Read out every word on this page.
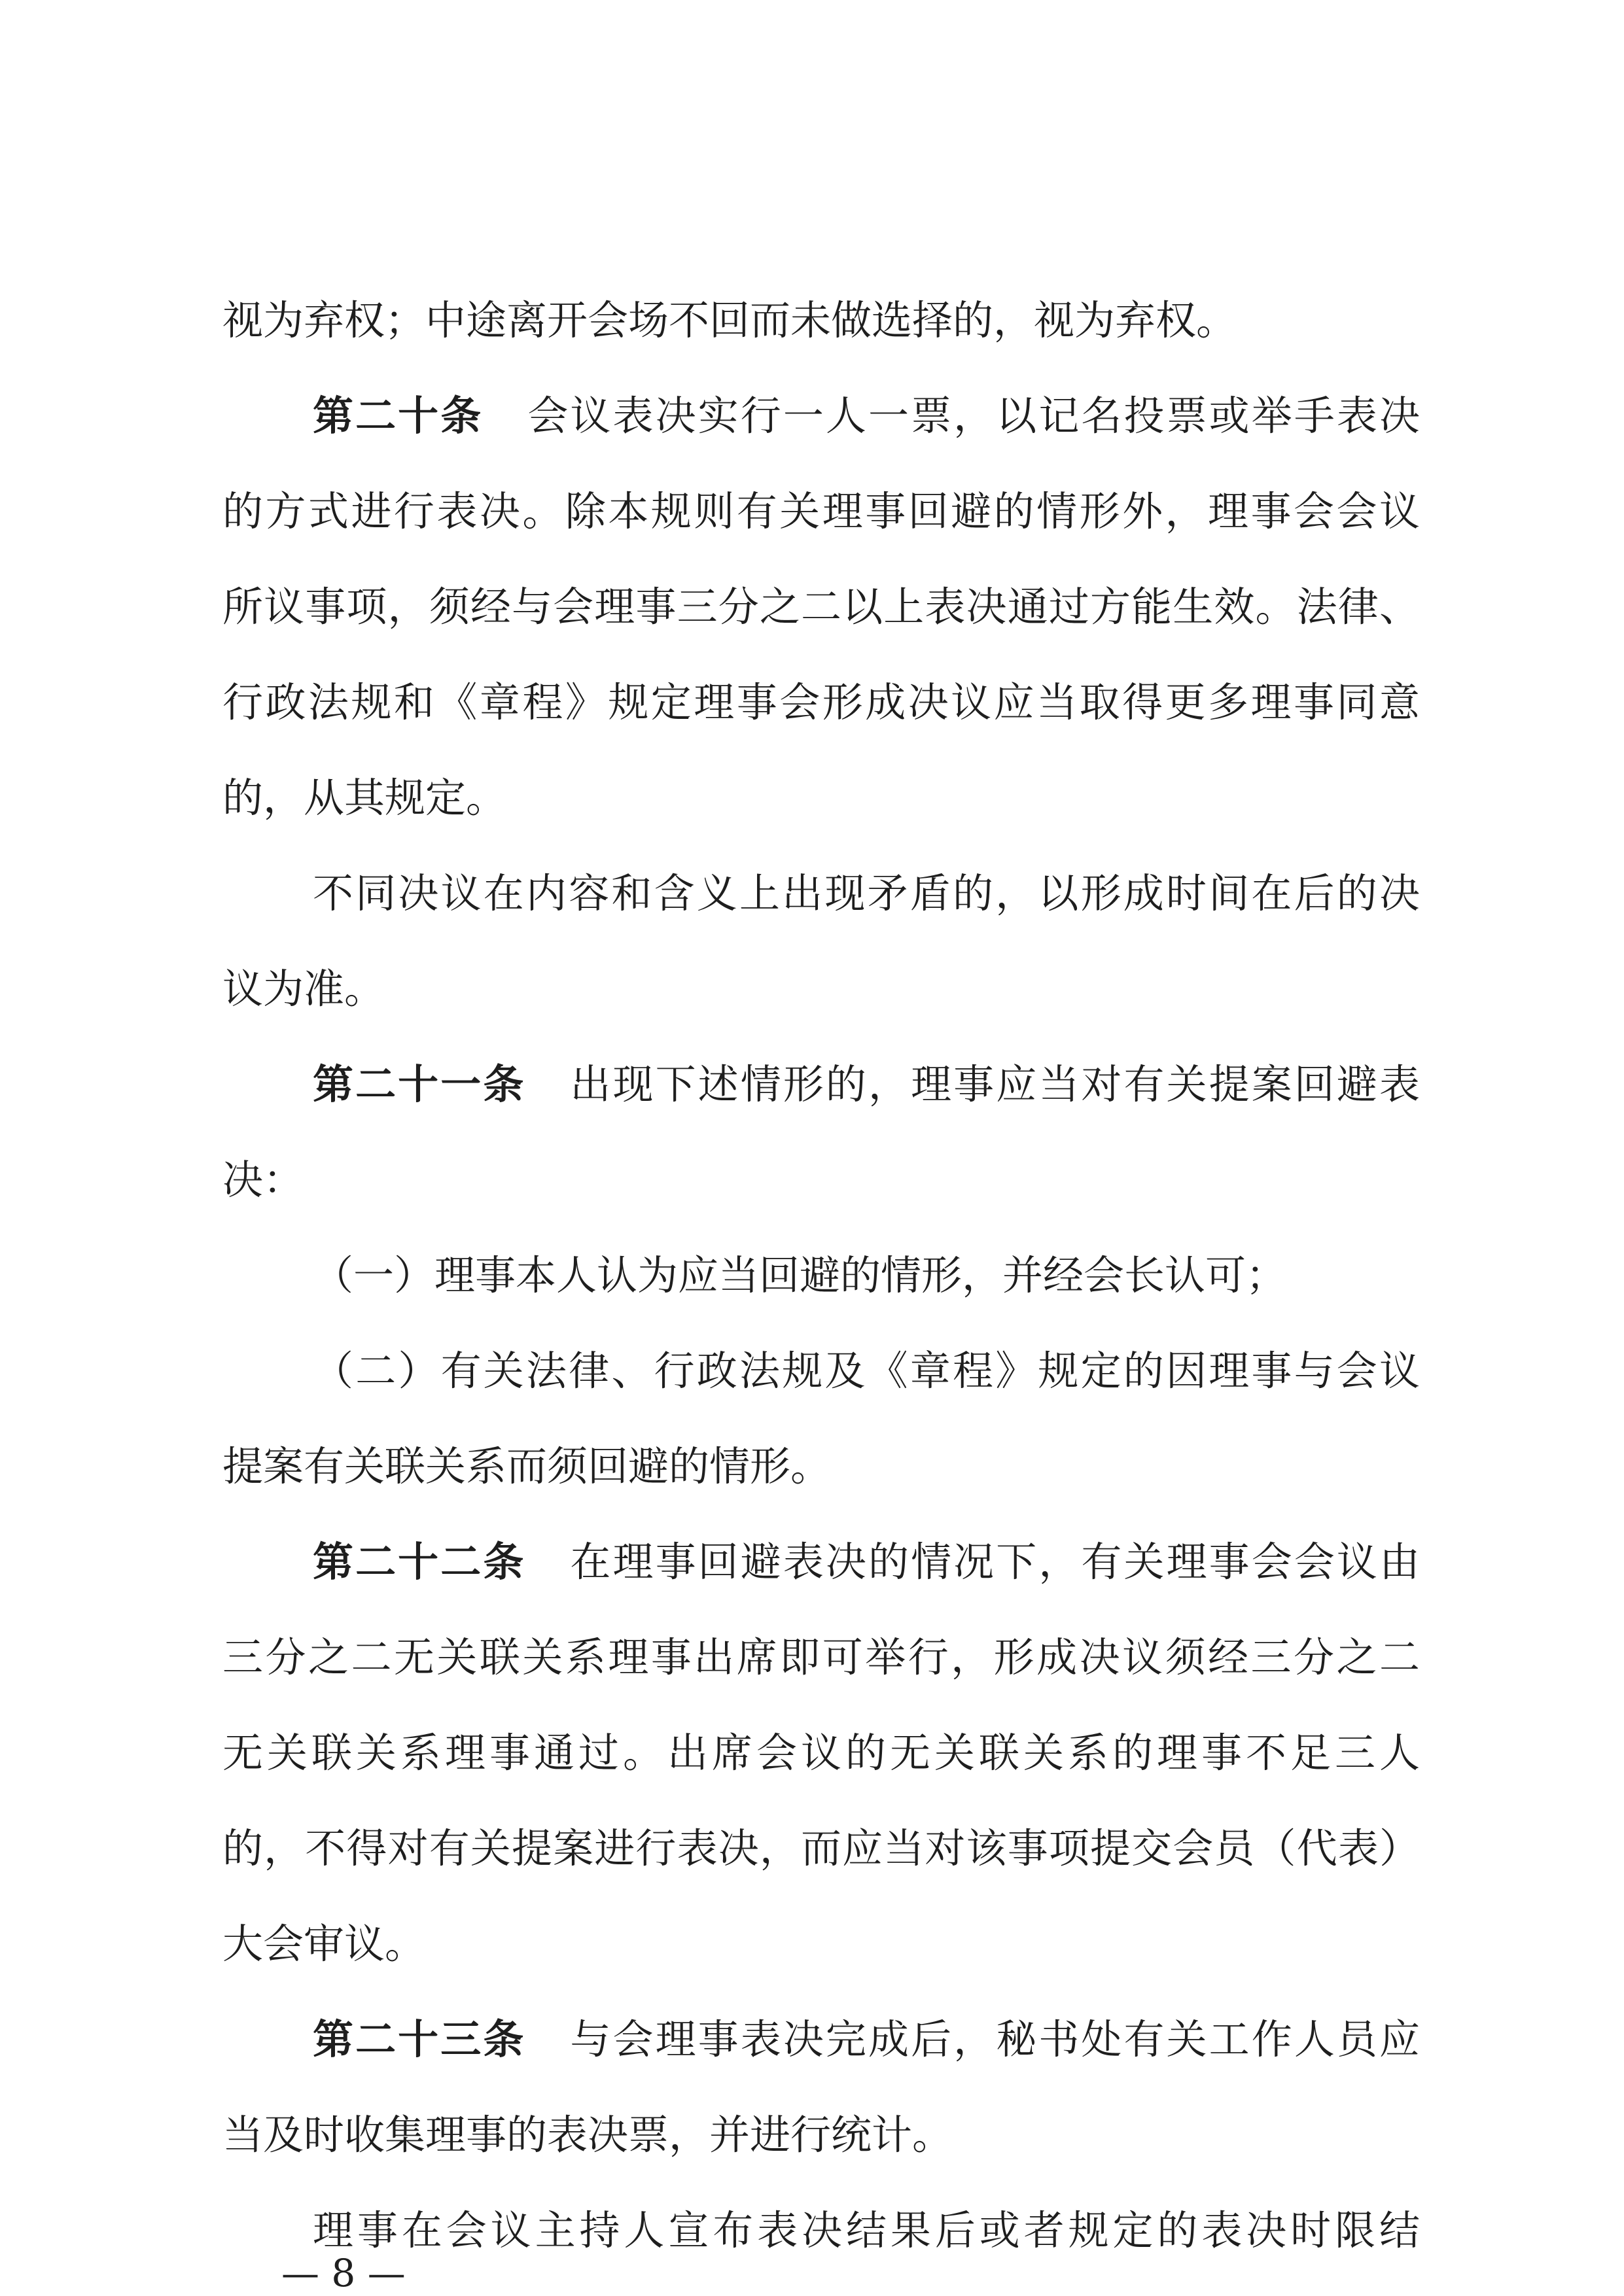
视为弃权；中途离开会场不回而未做选择的，视为弃权。
第二十条 会议表决实行一人一票，以记名投票或举手表决
的方式进行表决。除本规则有关理事回避的情形外，理事会会议
所议事项，须经与会理事三分之二以上表决通过方能生效。法律、
行政法规和《章程》规定理事会形成决议应当取得更多理事同意
的，从其规定。
不同决议在内容和含义上出现矛盾的，以形成时间在后的决
议为准。
第二十一条 出现下述情形的，理事应当对有关提案回避表
决：
（一）理事本人认为应当回避的情形，并经会长认可；
（二）有关法律、行政法规及《章程》规定的因理事与会议
提案有关联关系而须回避的情形。
第二十二条 在理事回避表决的情况下，有关理事会会议由
三分之二无关联关系理事出席即可举行，形成决议须经三分之二
无关联关系理事通过。出席会议的无关联关系的理事不足三人
的，不得对有关提案进行表决，而应当对该事项提交会员（代表）
大会审议。
第二十三条 与会理事表决完成后，秘书处有关工作人员应
当及时收集理事的表决票，并进行统计。
理事在会议主持人宣布表决结果后或者规定的表决时限结
— 8 —
